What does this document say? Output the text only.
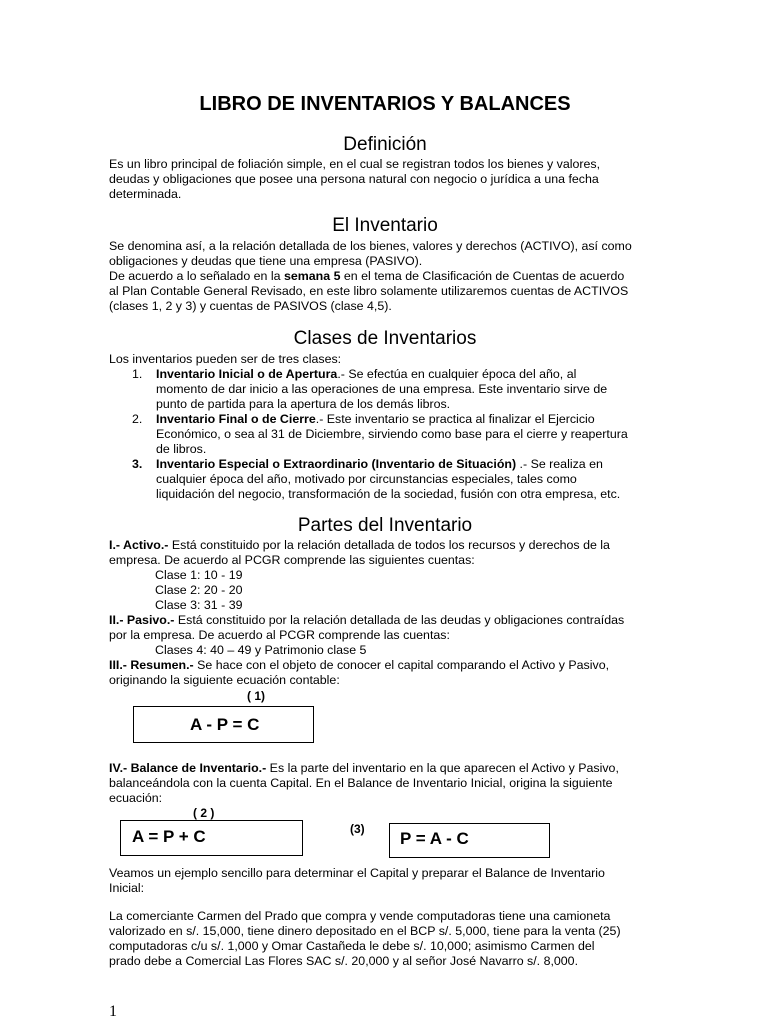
LIBRO DE INVENTARIOS Y BALANCES
Definición

Es un libro principal de foliación simple, en el cual se registran todos los bienes y valores,

deudas y obligaciones que posee una persona natural con negocio o jurídica a una fecha

determinada.

El Inventario

Se denomina así, a la relación detallada de los bienes, valores y derechos (ACTIVO), así como

obligaciones y deudas que tiene una empresa (PASIVO).

De acuerdo a lo señalado en la semana 5 en el tema de Clasificación de Cuentas de acuerdo

al Plan Contable General Revisado, en este libro solamente utilizaremos cuentas de ACTIVOS

(clases 1, 2 y 3) y cuentas de PASIVOS (clase 4,5).

Clases de Inventarios
Los inventarios pueden ser de tres clases:
1. Inventario Inicial o de Apertura.- Se efectúa en cualquier época del año, al
momento de dar inicio a las operaciones de una empresa. Este inventario sirve de
punto de partida para la apertura de los demás libros.
2. Inventario Final o de Cierre.- Este inventario se practica al finalizar el Ejercicio
Económico, o sea al 31 de Diciembre, sirviendo como base para el cierre y reapertura
de libros.
3. Inventario Especial o Extraordinario (Inventario de Situación) .- Se realiza en
cualquier época del año, motivado por circunstancias especiales, tales como
liquidación del negocio, transformación de la sociedad, fusión con otra empresa, etc.
Partes del Inventario

I.- Activo.- Está constituido por la relación detallada de todos los recursos y derechos de la

empresa. De acuerdo al PCGR comprende las siguientes cuentas:

Clase 1: 10 - 19

Clase 2: 20 - 20

Clase 3: 31 - 39

II.- Pasivo.- Está constituido por la relación detallada de las deudas y obligaciones contraídas

por la empresa. De acuerdo al PCGR comprende las cuentas:

Clases 4: 40 – 49 y Patrimonio clase 5

III.- Resumen.- Se hace con el objeto de conocer el capital comparando el Activo y Pasivo,

originando la siguiente ecuación contable:

( 1)
A - P = C

IV.- Balance de Inventario.- Es la parte del inventario en la que aparecen el Activo y Pasivo,

balanceándola con la cuenta Capital. En el Balance de Inventario Inicial, origina la siguiente

ecuación:

( 2 )
A = P + C	(3)	P = A - C

Veamos un ejemplo sencillo para determinar el Capital y preparar el Balance de Inventario

Inicial:

La comerciante Carmen del Prado que compra y vende computadoras tiene una camioneta

valorizado en s/. 15,000, tiene dinero depositado en el BCP s/. 5,000, tiene para la venta (25)

computadoras c/u s/. 1,000 y Omar Castañeda le debe s/. 10,000; asimismo Carmen del

prado debe a Comercial Las Flores SAC s/. 20,000 y al señor José Navarro s/. 8,000.

1
